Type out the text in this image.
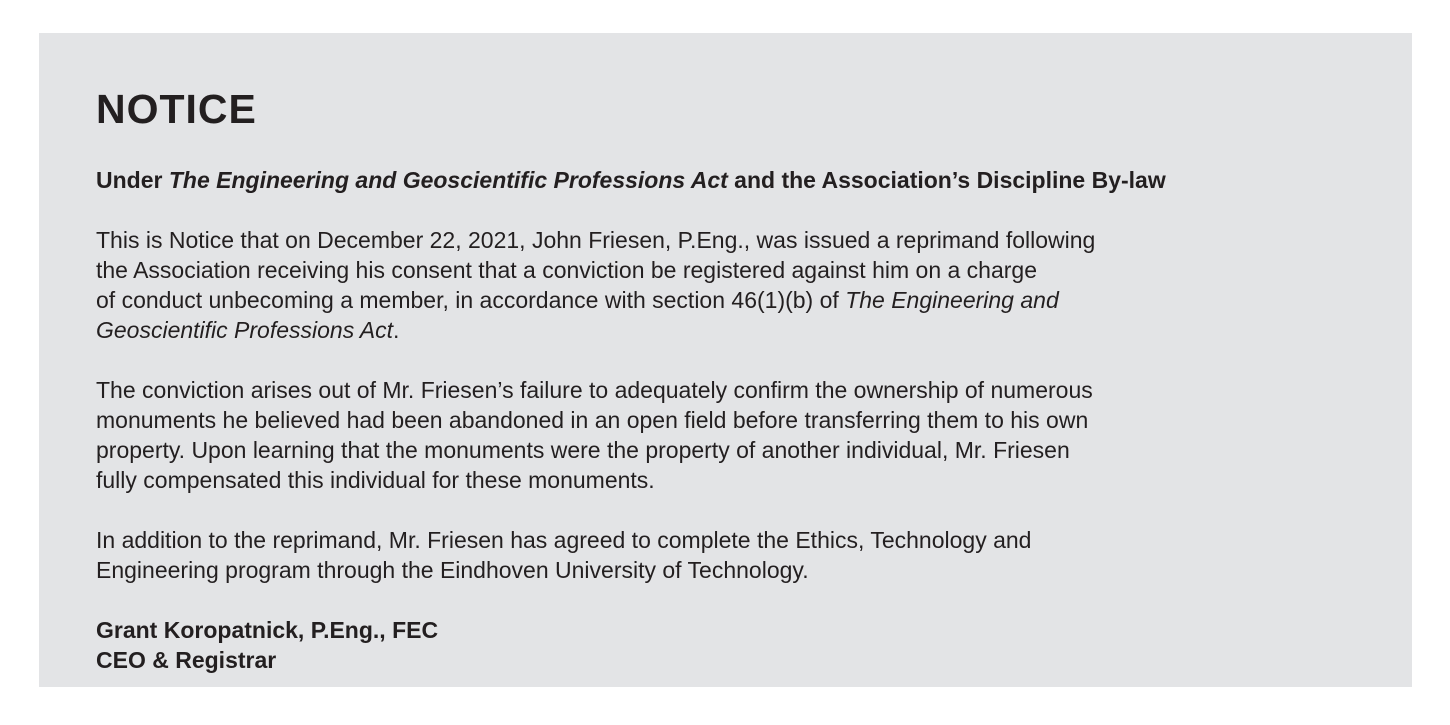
NOTICE
Under The Engineering and Geoscientific Professions Act and the Association’s Discipline By-law
This is Notice that on December 22, 2021, John Friesen, P.Eng., was issued a reprimand following
the Association receiving his consent that a conviction be registered against him on a charge
of conduct unbecoming a member, in accordance with section 46(1)(b) of The Engineering and
Geoscientific Professions Act.
The conviction arises out of Mr. Friesen’s failure to adequately confirm the ownership of numerous
monuments he believed had been abandoned in an open field before transferring them to his own
property. Upon learning that the monuments were the property of another individual, Mr. Friesen
fully compensated this individual for these monuments.
In addition to the reprimand, Mr. Friesen has agreed to complete the Ethics, Technology and
Engineering program through the Eindhoven University of Technology.
Grant Koropatnick, P.Eng., FEC
CEO & Registrar
